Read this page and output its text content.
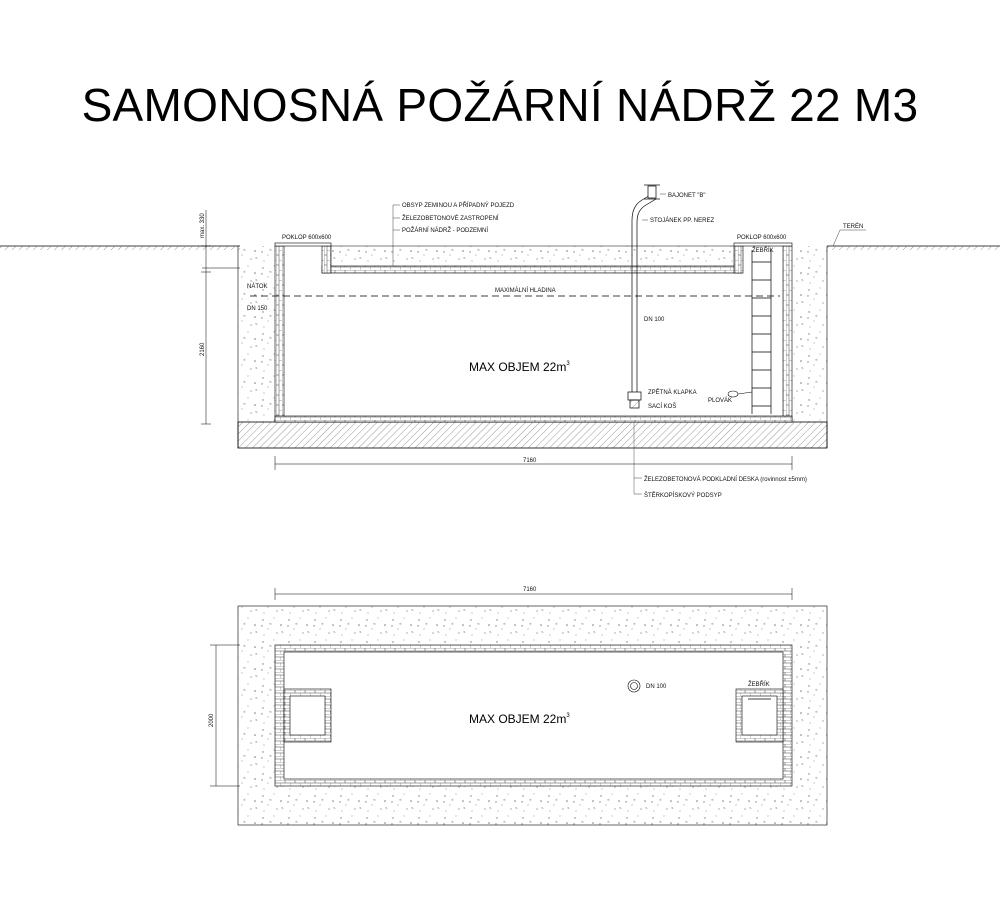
SAMONOSNÁ POŽÁRNÍ NÁDRŽ 22 M3
OBSYP ZEMINOU A PŘÍPADNÝ POJEZD
ŽELEZOBETONOVÉ ZASTROPENÍ
POŽÁRNÍ NÁDRŽ - PODZEMNÍ
BAJONET "B"
STOJÁNEK PP. NEREZ
TERÉN
POKLOP 600x600	POKLOP 600x600
ŽEBŘÍK
NÁTOK
DN 150
MAXIMÁLNÍ HLADINA
DN 100
MAX OBJEM $22m^3$
ZPĚTNÁ KLAPKA
PLOVÁK
SACÍ KOŠ
ŽELEZOBETONOVÁ PODKLADNÍ DESKA (rovinnost ±5mm)
ŠTĚRKOPÍSKOVÝ PODSYP
max. 330
2160
7160
7160
2000	MAX OBJEM $22m^3$
DN 100	ŽEBŘÍK
